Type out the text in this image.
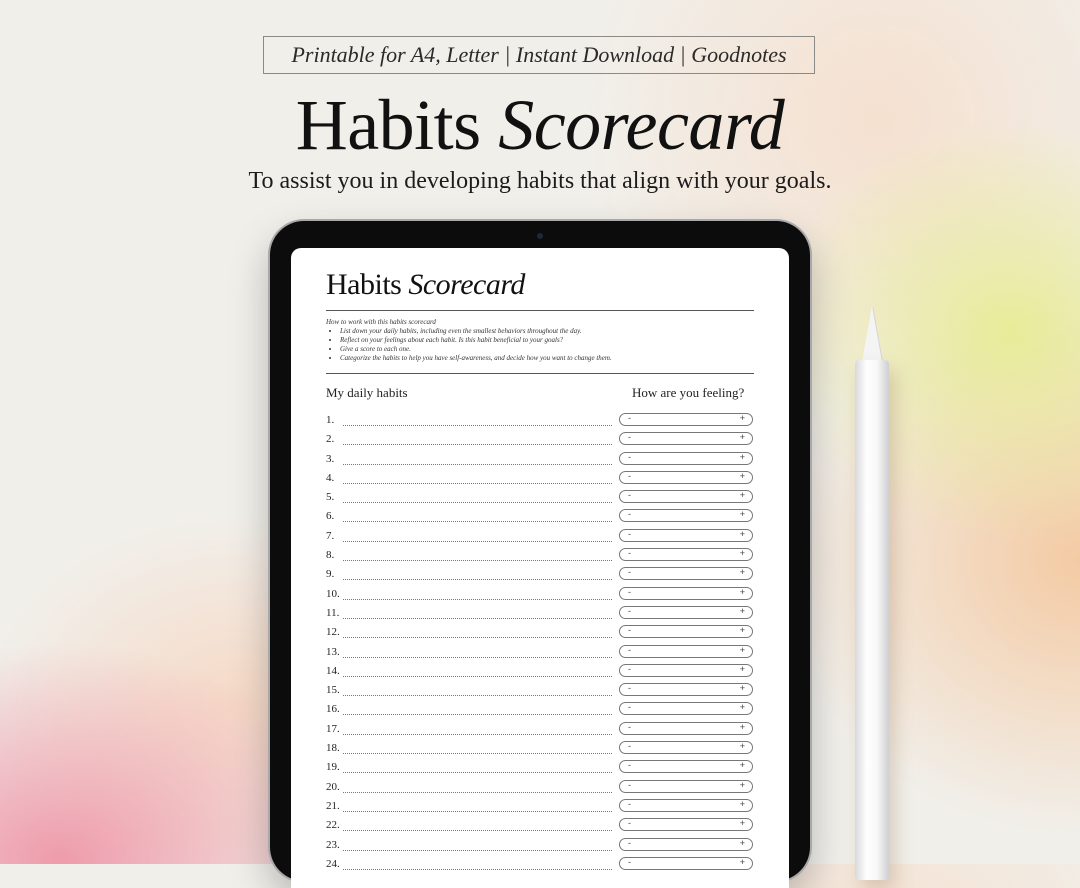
Printable for A4, Letter | Instant Download | Goodnotes
Habits Scorecard
To assist you in developing habits that align with your goals.
Habits Scorecard
How to work with this habits scorecard
• List down your daily habits, including even the smallest behaviors throughout the day.
• Reflect on your feelings about each habit. Is this habit beneficial to your goals?
• Give a score to each one.
• Categorize the habits to help you have self-awareness, and decide how you want to change them.
My daily habits	How are you feeling?
1.	-	+
2.	-	+
3.	-	+
4.	-	+
5.	-	+
6.	-	+
7.	-	+
8.	-	+
9.	-	+
10.	-	+
11.	-	+
12.	-	+
13.	-	+
14.	-	+
15.	-	+
16.	-	+
17.	-	+
18.	-	+
19.	-	+
20.	-	+
21.	-	+
22.	-	+
23.	-	+
24.	-	+
